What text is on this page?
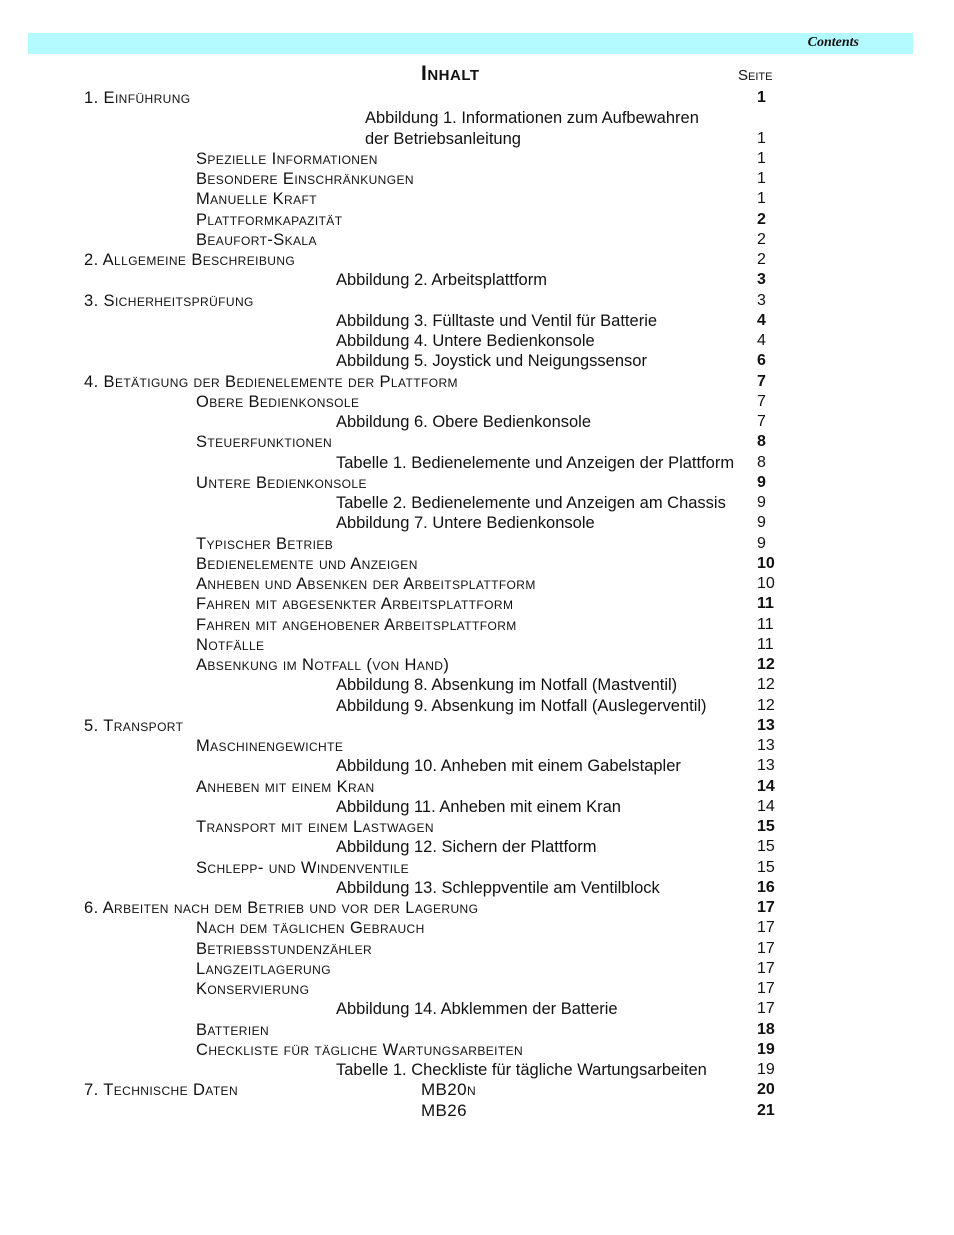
Contents
Inhalt	Seite
1. Einführung	1
Abbildung 1. Informationen zum Aufbewahren
der Betriebsanleitung	1
Spezielle Informationen	1
Besondere Einschränkungen	1
Manuelle Kraft	1
Plattformkapazität	2
Beaufort-Skala	2
2. Allgemeine Beschreibung	2
Abbildung 2. Arbeitsplattform	3
3. Sicherheitsprüfung	3
Abbildung 3. Fülltaste und Ventil für Batterie	4
Abbildung 4. Untere Bedienkonsole	4
Abbildung 5. Joystick und Neigungssensor	6
4. Betätigung der Bedienelemente der Plattform	7
Obere Bedienkonsole	7
Abbildung 6. Obere Bedienkonsole	7
Steuerfunktionen	8
Tabelle 1. Bedienelemente und Anzeigen der Plattform 8
Untere Bedienkonsole	9
Tabelle 2. Bedienelemente und Anzeigen am Chassis 9
Abbildung 7. Untere Bedienkonsole	9
Typischer Betrieb	9
Bedienelemente und Anzeigen	10
Anheben und Absenken der Arbeitsplattform	10
Fahren mit abgesenkter Arbeitsplattform	11
Fahren mit angehobener Arbeitsplattform	11
Notfälle	11
Absenkung im Notfall (von Hand)	12
Abbildung 8. Absenkung im Notfall (Mastventil)	12
Abbildung 9. Absenkung im Notfall (Auslegerventil)	12
5. Transport	13
Maschinengewichte	13
Abbildung 10. Anheben mit einem Gabelstapler	13
Anheben mit einem Kran	14
Abbildung 11. Anheben mit einem Kran	14
Transport mit einem Lastwagen	15
Abbildung 12. Sichern der Plattform	15
Schlepp- und Windenventile	15
Abbildung 13. Schleppventile am Ventilblock	16
6. Arbeiten nach dem Betrieb und vor der Lagerung	17
Nach dem täglichen Gebrauch	17
Betriebsstundenzähler	17
Langzeitlagerung	17
Konservierung	17
Abbildung 14. Abklemmen der Batterie	17
Batterien	18
Checkliste für tägliche Wartungsarbeiten	19
Tabelle 1. Checkliste für tägliche Wartungsarbeiten	19
7. Technische Daten	MB20n	20
MB26	21
